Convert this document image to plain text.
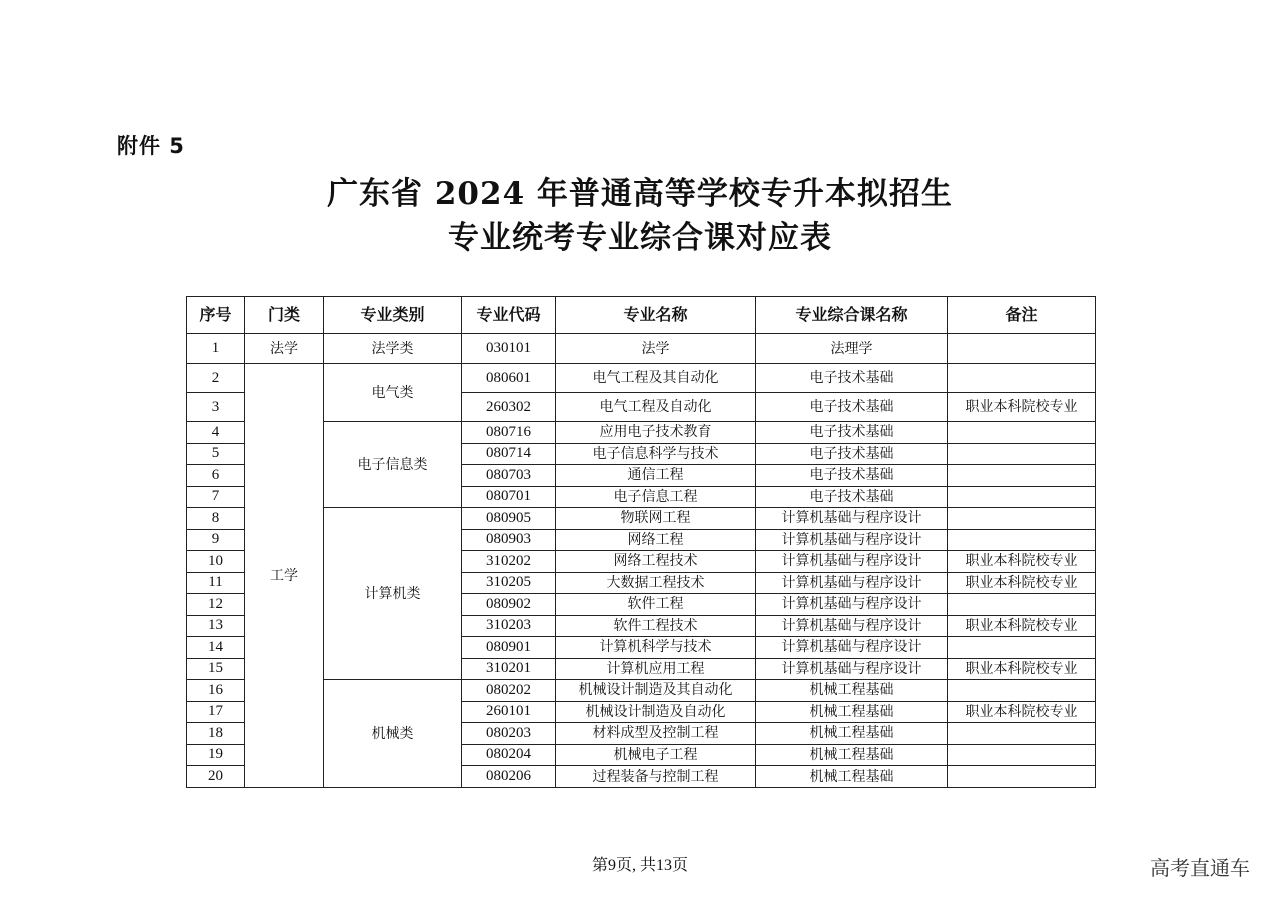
附件 5
广东省 2024 年普通高等学校专升本拟招生
专业统考专业综合课对应表
序号	门类	专业类别	专业代码	专业名称	专业综合课名称	备注
1	法学	法学类	030101	法学	法理学	
2	工学	电气类	080601	电气工程及其自动化	电子技术基础	
3			260302	电气工程及自动化	电子技术基础	职业本科院校专业
4		电子信息类	080716	应用电子技术教育	电子技术基础	
5			080714	电子信息科学与技术	电子技术基础	
6			080703	通信工程	电子技术基础	
7			080701	电子信息工程	电子技术基础	
8		计算机类	080905	物联网工程	计算机基础与程序设计	
9			080903	网络工程	计算机基础与程序设计	
10			310202	网络工程技术	计算机基础与程序设计	职业本科院校专业
11			310205	大数据工程技术	计算机基础与程序设计	职业本科院校专业
12			080902	软件工程	计算机基础与程序设计	
13			310203	软件工程技术	计算机基础与程序设计	职业本科院校专业
14			080901	计算机科学与技术	计算机基础与程序设计	
15			310201	计算机应用工程	计算机基础与程序设计	职业本科院校专业
16		机械类	080202	机械设计制造及其自动化	机械工程基础	
17			260101	机械设计制造及自动化	机械工程基础	职业本科院校专业
18			080203	材料成型及控制工程	机械工程基础	
19			080204	机械电子工程	机械工程基础	
20			080206	过程装备与控制工程	机械工程基础	
第9页, 共13页	高考直通车
